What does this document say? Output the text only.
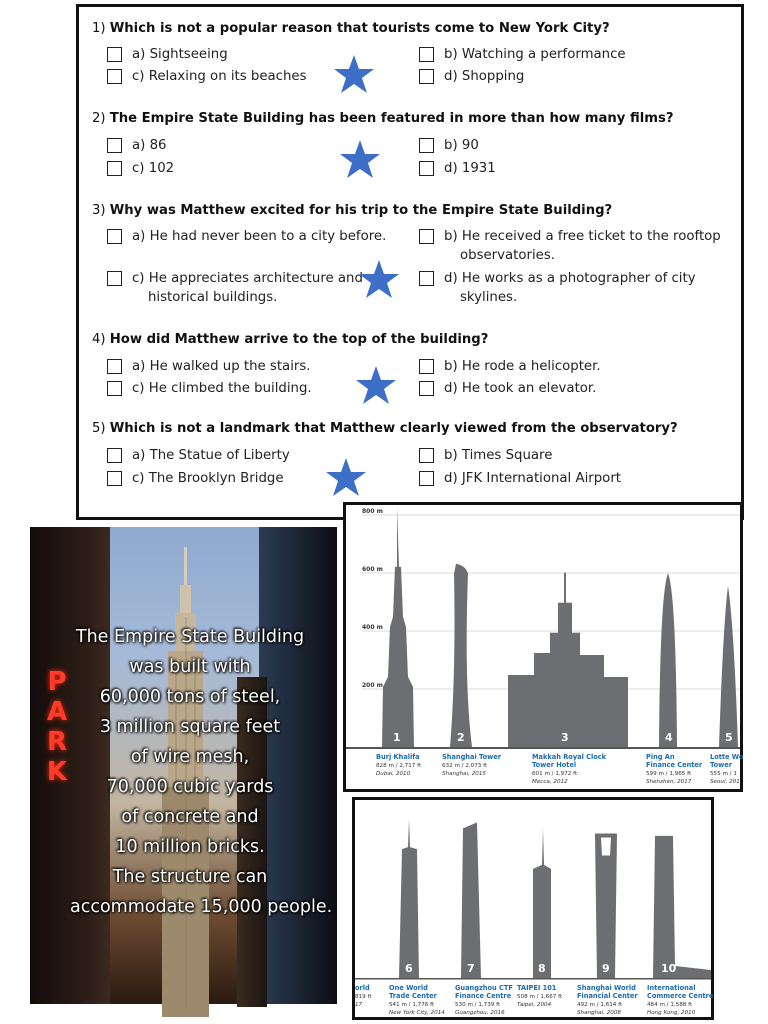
1) Which is not a popular reason that tourists come to New York City?
a) Sightseeing	b) Watching a performance
c) Relaxing on its beaches	d) Shopping
2) The Empire State Building has been featured in more than how many films?
a) 86	b) 90
c) 102	d) 1931
3) Why was Matthew excited for his trip to the Empire State Building?
a) He had never been to a city before.	b) He received a free ticket to the rooftop
observatories.
c) He appreciates architecture and
historical buildings.
d) He works as a photographer of city
skylines.
4) How did Matthew arrive to the top of the building?
a) He walked up the stairs.	b) He rode a helicopter.
c) He climbed the building.	d) He took an elevator.
5) Which is not a landmark that Matthew clearly viewed from the observatory?
a) The Statue of Liberty	b) Times Square
c) The Brooklyn Bridge	d) JFK International Airport
PARK
The Empire State Building
was built with
60,000 tons of steel,
3 million square feet
of wire mesh,
70,000 cubic yards
of concrete and
10 million bricks.
The structure can
accommodate 15,000 people.
800 m
600 m
400 m
200 m
1
Burj Khalifa
828 m / 2,717 ft
Dubai, 2010
2
Shanghai Tower
632 m / 2,073 ft
Shanghai, 2015
3
Makkah Royal Clock
Tower Hotel
601 m / 1,972 ft
Mecca, 2012
4
Ping An
Finance Center
599 m / 1,965 ft
Shenzhen, 2017
5
Lotte Wo
Tower
555 m / 1
Seoul, 201
orld
819 ft
17
6
One World
Trade Center
541 m / 1,776 ft
New York City, 2014
7
Guangzhou CTF
Finance Centre
530 m / 1,739 ft
Guangzhou, 2016
8
TAIPEI 101
508 m / 1,667 ft
Taipei, 2004
9
Shanghai World
Financial Center
492 m / 1,614 ft
Shanghai, 2008
10
International
Commerce Centre
484 m / 1,588 ft
Hong Kong, 2010
